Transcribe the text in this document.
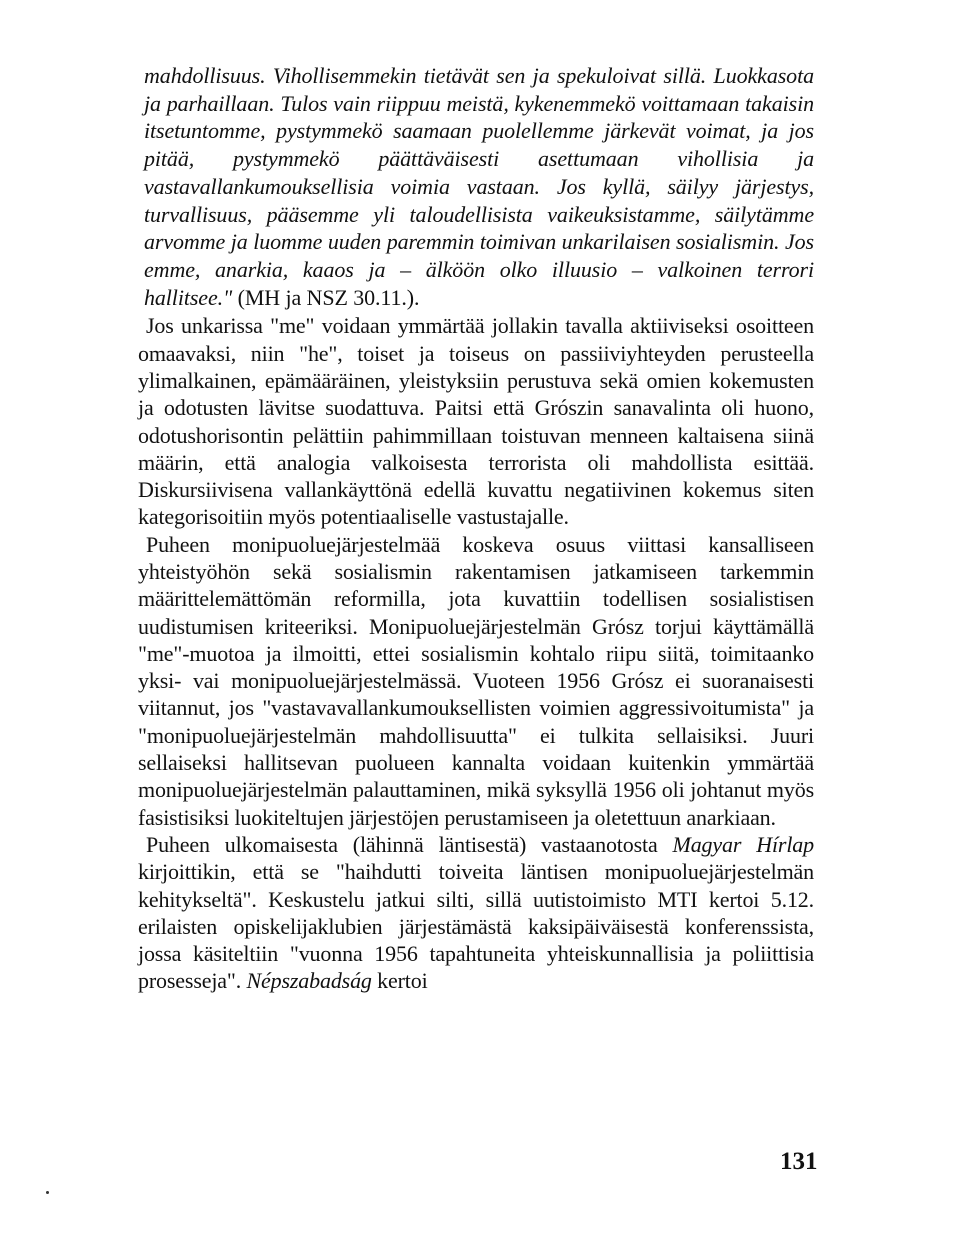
mahdollisuus. Vihollisemmekin tietävät sen ja spekuloivat sillä. Luokkasota ja parhaillaan. Tulos vain riippuu meistä, kykenemmekö voittamaan takaisin itsetuntomme, pystymmekö saamaan puolellemme järkevät voimat, ja jos pitää, pystymmekö päättäväisesti asettumaan vihollisia ja vastavallankumouksellisia voimia vastaan. Jos kyllä, säilyy järjestys, turvallisuus, pääsemme yli taloudellisista vaikeuksistamme, säilytämme arvomme ja luomme uuden paremmin toimivan unkarilaisen sosialismin. Jos emme, anarkia, kaaos ja – älköön olko illuusio – valkoinen terrori hallitsee." (MH ja NSZ 30.11.).

Jos unkarissa "me" voidaan ymmärtää jollakin tavalla aktiiviseksi osoitteen omaavaksi, niin "he", toiset ja toiseus on passiiviyhteyden perusteella ylimalkainen, epämääräinen, yleistyksiin perustuva sekä omien kokemusten ja odotusten lävitse suodattuva. Paitsi että Grószin sanavalinta oli huono, odotushorisontin pelättiin pahimmillaan toistuvan menneen kaltaisena siinä määrin, että analogia valkoisesta terrorista oli mahdollista esittää. Diskursiivisena vallankäyttönä edellä kuvattu negatiivinen kokemus siten kategorisoitiin myös potentiaaliselle vastustajalle.

Puheen monipuoluejärjestelmää koskeva osuus viittasi kansalliseen yhteistyöhön sekä sosialismin rakentamisen jatkamiseen tarkemmin määrittelemättömän reformilla, jota kuvattiin todellisen sosialistisen uudistumisen kriteeriksi. Monipuoluejärjestelmän Grósz torjui käyttämällä "me"-muotoa ja ilmoitti, ettei sosialismin kohtalo riipu siitä, toimitaanko yksi- vai monipuoluejärjestelmässä. Vuoteen 1956 Grósz ei suoranaisesti viitannut, jos "vastavavallankumouksellisten voimien aggressivoitumista" ja "monipuoluejärjestelmän mahdollisuutta" ei tulkita sellaisiksi. Juuri sellaiseksi hallitsevan puolueen kannalta voidaan kuitenkin ymmärtää monipuoluejärjestelmän palauttaminen, mikä syksyllä 1956 oli johtanut myös fasistisiksi luokiteltujen järjestöjen perustamiseen ja oletettuun anarkiaan.

Puheen ulkomaisesta (lähinnä läntisestä) vastaanotosta Magyar Hírlap kirjoittikin, että se "haihdutti toiveita läntisen monipuoluejärjestelmän kehitykseltä". Keskustelu jatkui silti, sillä uutistoimisto MTI kertoi 5.12. erilaisten opiskelijaklubien järjestämästä kaksipäiväisestä konferenssista, jossa käsiteltiin "vuonna 1956 tapahtuneita yhteiskunnallisia ja poliittisia prosesseja". Népszabadság kertoi

131
